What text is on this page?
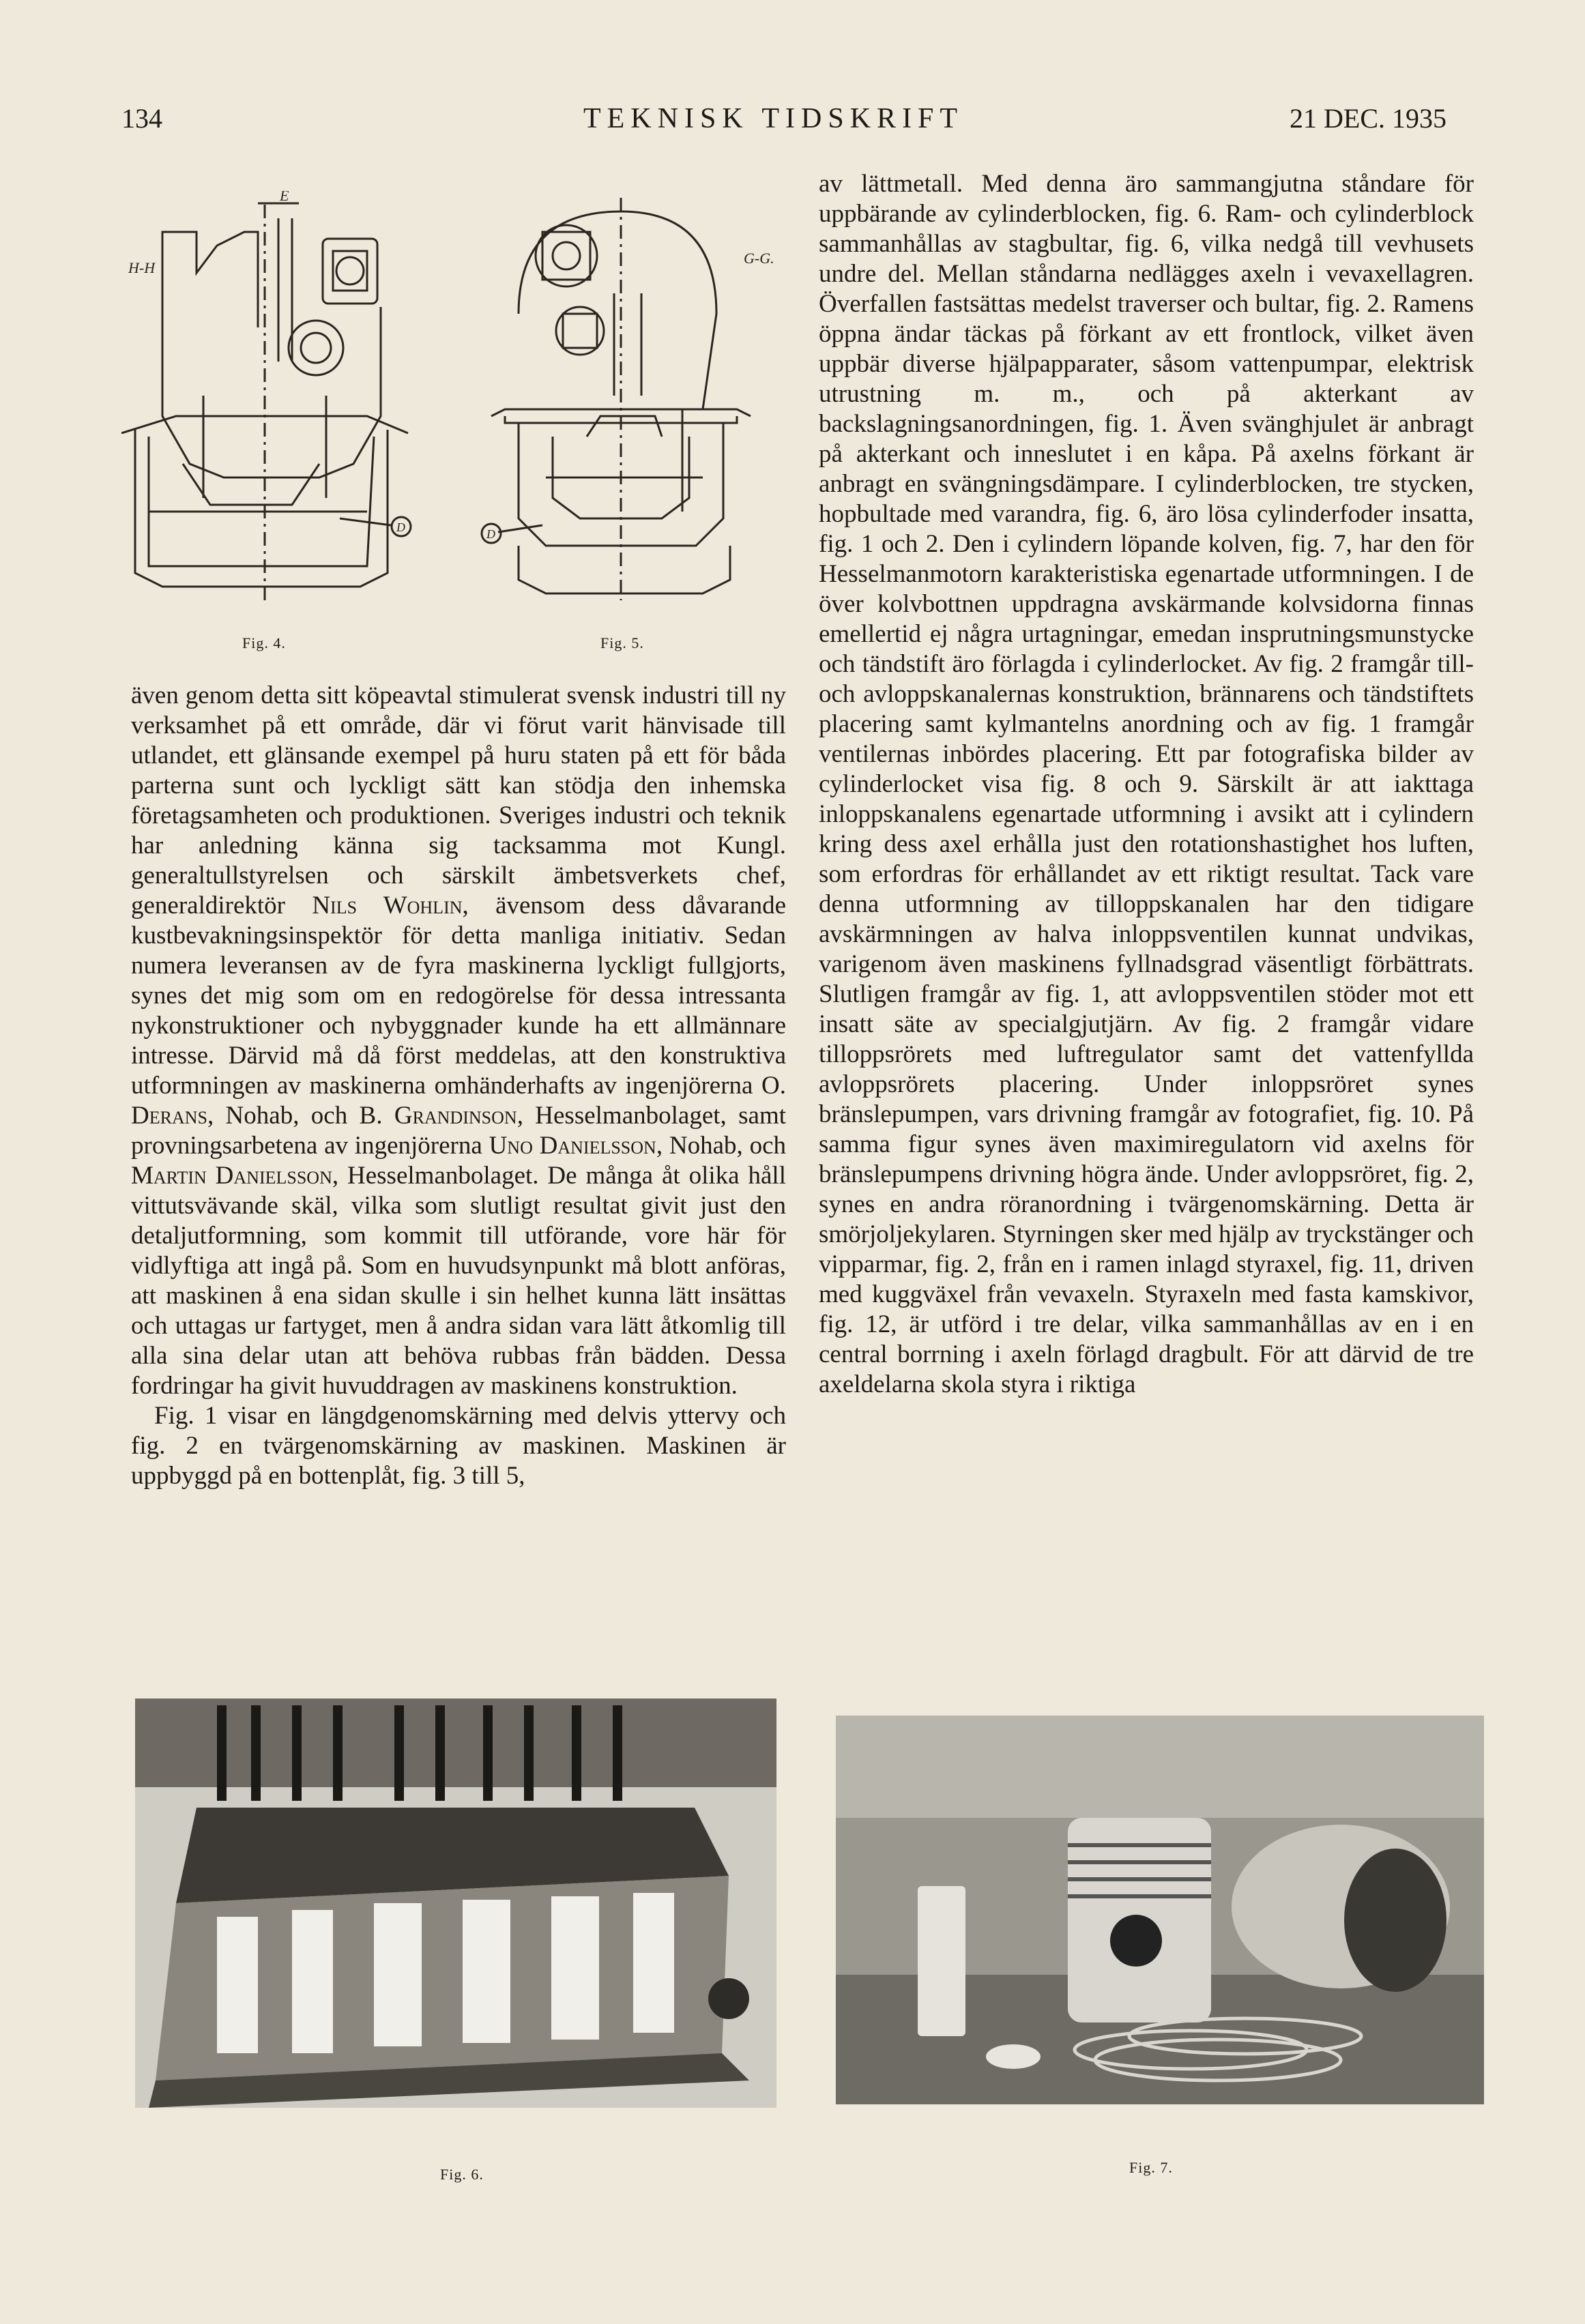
134	TEKNISK TIDSKRIFT	21 DEC. 1935
H-H
E
D
Fig. 4.
G-G.
D
Fig. 5.

även genom detta sitt köpeavtal stimulerat svensk industri till ny verksamhet på ett område, där vi förut varit hänvisade till utlandet, ett glänsande exempel på huru staten på ett för båda parterna sunt och lyckligt sätt kan stödja den inhemska företagsamheten och produktionen. Sveriges industri och teknik har anledning känna sig tacksamma mot Kungl. generaltullstyrelsen och särskilt ämbetsverkets chef, generaldirektör Nils Wohlin, ävensom dess dåvarande kustbevakningsinspektör för detta manliga initiativ. Sedan numera leveransen av de fyra maskinerna lyckligt fullgjorts, synes det mig som om en redogörelse för dessa intressanta nykonstruktioner och nybyggnader kunde ha ett allmännare intresse. Därvid må då först meddelas, att den konstruktiva utformningen av maskinerna omhänderhafts av ingenjörerna O. Derans, Nohab, och B. Grandinson, Hesselmanbolaget, samt provningsarbetena av ingenjörerna Uno Danielsson, Nohab, och Martin Danielsson, Hesselmanbolaget. De många åt olika håll vittutsvävande skäl, vilka som slutligt resultat givit just den detaljutformning, som kommit till utförande, vore här för vidlyftiga att ingå på. Som en huvudsynpunkt må blott anföras, att maskinen å ena sidan skulle i sin helhet kunna lätt insättas och uttagas ur fartyget, men å andra sidan vara lätt åtkomlig till alla sina delar utan att behöva rubbas från bädden. Dessa fordringar ha givit huvuddragen av maskinens konstruktion.

Fig. 1 visar en längdgenomskärning med delvis yttervy och fig. 2 en tvärgenomskärning av maskinen. Maskinen är uppbyggd på en bottenplåt, fig. 3 till 5,

av lättmetall. Med denna äro sammangjutna ståndare för uppbärande av cylinderblocken, fig. 6. Ram- och cylinderblock sammanhållas av stagbultar, fig. 6, vilka nedgå till vevhusets undre del. Mellan ståndarna nedlägges axeln i vevaxellagren. Överfallen fastsättas medelst traverser och bultar, fig. 2. Ramens öppna ändar täckas på förkant av ett frontlock, vilket även uppbär diverse hjälpapparater, såsom vattenpumpar, elektrisk utrustning m. m., och på akterkant av backslagningsanordningen, fig. 1. Även svänghjulet är anbragt på akterkant och inneslutet i en kåpa. På axelns förkant är anbragt en svängningsdämpare. I cylinderblocken, tre stycken, hopbultade med varandra, fig. 6, äro lösa cylinderfoder insatta, fig. 1 och 2. Den i cylindern löpande kolven, fig. 7, har den för Hesselmanmotorn karakteristiska egenartade utformningen. I de över kolvbottnen uppdragna avskärmande kolvsidorna finnas emellertid ej några urtagningar, emedan insprutningsmunstycke och tändstift äro förlagda i cylinderlocket. Av fig. 2 framgår till- och avloppskanalernas konstruktion, brännarens och tändstiftets placering samt kylmantelns anordning och av fig. 1 framgår ventilernas inbördes placering. Ett par fotografiska bilder av cylinderlocket visa fig. 8 och 9. Särskilt är att iakttaga inloppskanalens egenartade utformning i avsikt att i cylindern kring dess axel erhålla just den rotationshastighet hos luften, som erfordras för erhållandet av ett riktigt resultat. Tack vare denna utformning av tilloppskanalen har den tidigare avskärmningen av halva inloppsventilen kunnat undvikas, varigenom även maskinens fyllnadsgrad väsentligt förbättrats. Slutligen framgår av fig. 1, att avloppsventilen stöder mot ett insatt säte av specialgjutjärn. Av fig. 2 framgår vidare tilloppsrörets med luftregulator samt det vattenfyllda avloppsrörets placering. Under inloppsröret synes bränslepumpen, vars drivning framgår av fotografiet, fig. 10. På samma figur synes även maximiregulatorn vid axelns för bränslepumpens drivning högra ände. Under avloppsröret, fig. 2, synes en andra röranordning i tvärgenomskärning. Detta är smörjoljekylaren. Styrningen sker med hjälp av tryckstänger och vipparmar, fig. 2, från en i ramen inlagd styraxel, fig. 11, driven med kuggväxel från vevaxeln. Styraxeln med fasta kamskivor, fig. 12, är utförd i tre delar, vilka sammanhållas av en i en central borrning i axeln förlagd dragbult. För att därvid de tre axeldelarna skola styra i riktiga

Fig. 6.	Fig. 7.
